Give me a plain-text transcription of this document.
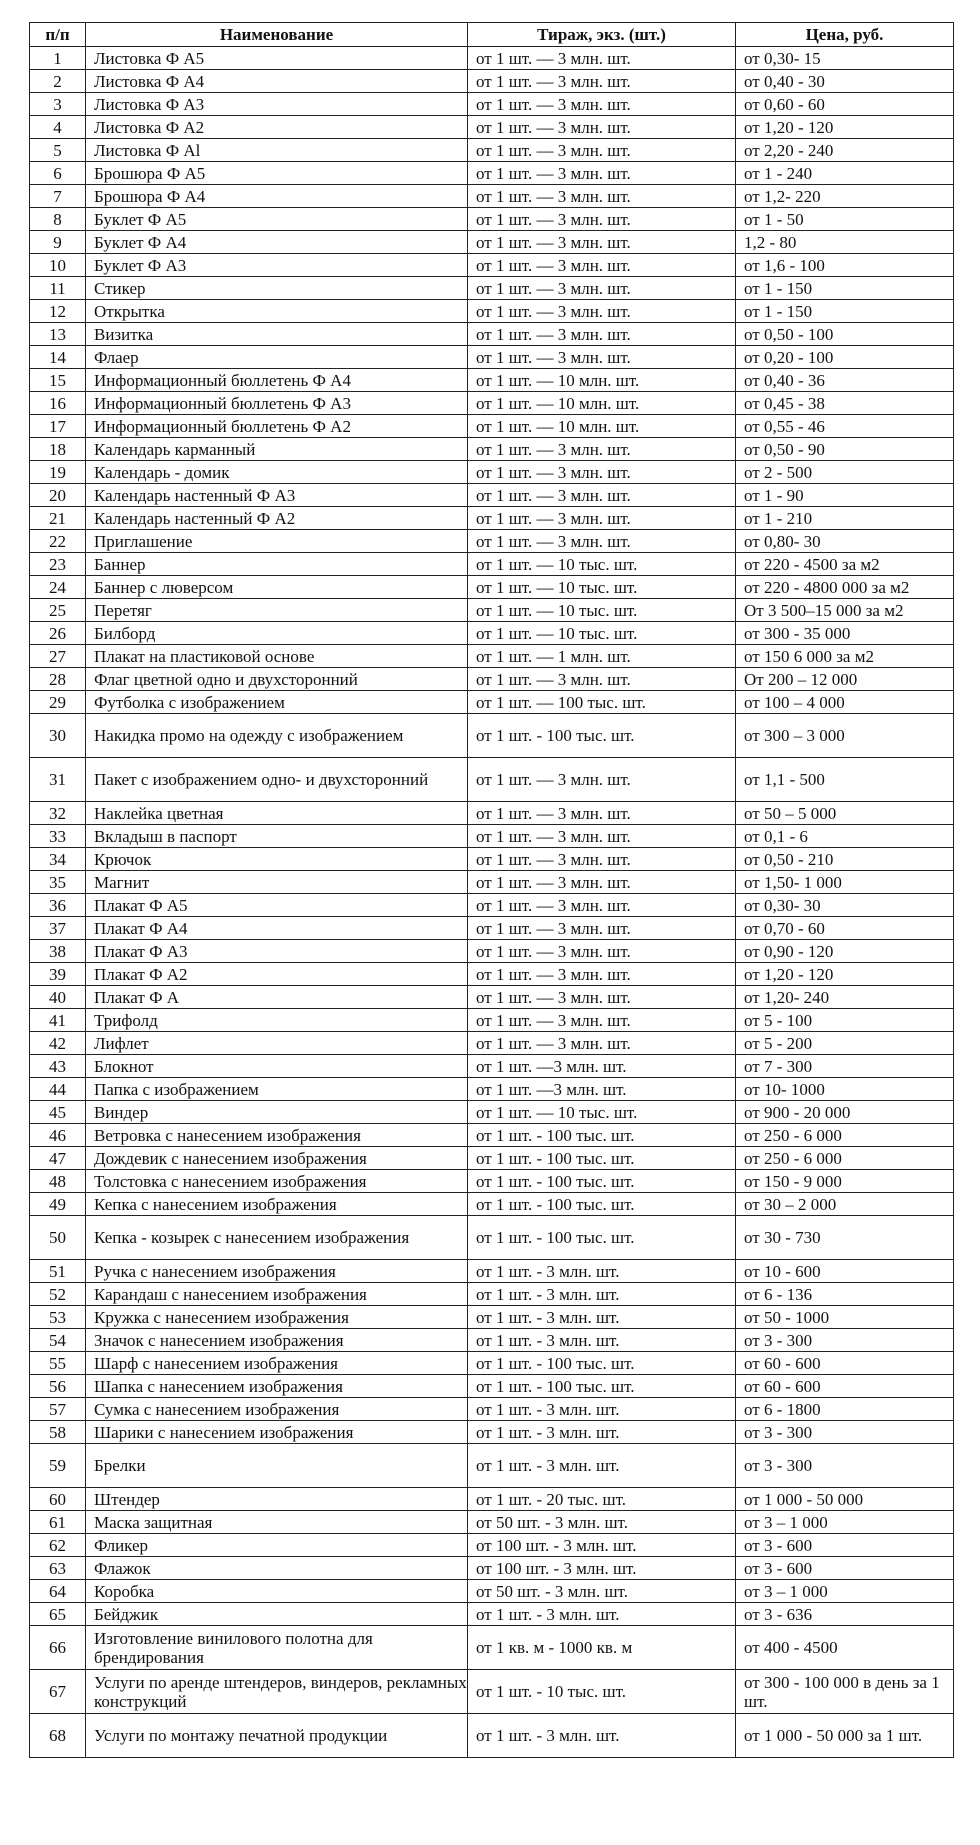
п/п	Наименование	Тираж, экз. (шт.)	Цена, руб.
1	Листовка Ф А5	от 1 шт. — 3 млн. шт.	от 0,30- 15
2	Листовка Ф А4	от 1 шт. — 3 млн. шт.	от 0,40 - 30
3	Листовка Ф А3	от 1 шт. — 3 млн. шт.	от 0,60 - 60
4	Листовка Ф А2	от 1 шт. — 3 млн. шт.	от 1,20 - 120
5	Листовка Ф Al	от 1 шт. — 3 млн. шт.	от 2,20 - 240
6	Брошюра Ф А5	от 1 шт. — 3 млн. шт.	от 1 - 240
7	Брошюра Ф А4	от 1 шт. — 3 млн. шт.	от 1,2- 220
8	Буклет Ф А5	от 1 шт. — 3 млн. шт.	от 1 - 50
9	Буклет Ф А4	от 1 шт. — 3 млн. шт.	1,2 - 80
10	Буклет Ф А3	от 1 шт. — 3 млн. шт.	от 1,6 - 100
11	Стикер	от 1 шт. — 3 млн. шт.	от 1 - 150
12	Открытка	от 1 шт. — 3 млн. шт.	от 1 - 150
13	Визитка	от 1 шт. — 3 млн. шт.	от 0,50 - 100
14	Флаер	от 1 шт. — 3 млн. шт.	от 0,20 - 100
15	Информационный бюллетень Ф А4	от 1 шт. — 10 млн. шт.	от 0,40 - 36
16	Информационный бюллетень Ф А3	от 1 шт. — 10 млн. шт.	от 0,45 - 38
17	Информационный бюллетень Ф А2	от 1 шт. — 10 млн. шт.	от 0,55 - 46
18	Календарь карманный	от 1 шт. — 3 млн. шт.	от 0,50 - 90
19	Календарь - домик	от 1 шт. — 3 млн. шт.	от 2 - 500
20	Календарь настенный Ф А3	от 1 шт. — 3 млн. шт.	от 1 - 90
21	Календарь настенный Ф А2	от 1 шт. — 3 млн. шт.	от 1 - 210
22	Приглашение	от 1 шт. — 3 млн. шт.	от 0,80- 30
23	Баннер	от 1 шт. — 10 тыс. шт.	от 220 - 4500 за м2
24	Баннер с люверсом	от 1 шт. — 10 тыс. шт.	от 220 - 4800 000 за м2
25	Перетяг	от 1 шт. — 10 тыс. шт.	От 3 500–15 000 за м2
26	Билборд	от 1 шт. — 10 тыс. шт.	от 300 - 35 000
27	Плакат на пластиковой основе	от 1 шт. — 1 млн. шт.	от 150 6 000 за м2
28	Флаг цветной одно и двухсторонний	от 1 шт. — 3 млн. шт.	От 200 – 12 000
29	Футболка с изображением	от 1 шт. — 100 тыс. шт.	от 100 – 4 000
30	Накидка промо на одежду с изображением	от 1 шт. - 100 тыс. шт.	от 300 – 3 000
31	Пакет с изображением одно- и двухсторонний	от 1 шт. — 3 млн. шт.	от 1,1 - 500
32	Наклейка цветная	от 1 шт. — 3 млн. шт.	от 50 – 5 000
33	Вкладыш в паспорт	от 1 шт. — 3 млн. шт.	от 0,1 - 6
34	Крючок	от 1 шт. — 3 млн. шт.	от 0,50 - 210
35	Магнит	от 1 шт. — 3 млн. шт.	от 1,50- 1 000
36	Плакат Ф А5	от 1 шт. — 3 млн. шт.	от 0,30- 30
37	Плакат Ф А4	от 1 шт. — 3 млн. шт.	от 0,70 - 60
38	Плакат Ф А3	от 1 шт. — 3 млн. шт.	от 0,90 - 120
39	Плакат Ф А2	от 1 шт. — 3 млн. шт.	от 1,20 - 120
40	Плакат Ф А	от 1 шт. — 3 млн. шт.	от 1,20- 240
41	Трифолд	от 1 шт. — 3 млн. шт.	от 5 - 100
42	Лифлет	от 1 шт. — 3 млн. шт.	от 5 - 200
43	Блокнот	от 1 шт. —3 млн. шт.	от 7 - 300
44	Папка с изображением	от 1 шт. —3 млн. шт.	от 10- 1000
45	Виндер	от 1 шт. — 10 тыс. шт.	от 900 - 20 000
46	Ветровка с нанесением изображения	от 1 шт. - 100 тыс. шт.	от 250 - 6 000
47	Дождевик с нанесением изображения	от 1 шт. - 100 тыс. шт.	от 250 - 6 000
48	Толстовка с нанесением изображения	от 1 шт. - 100 тыс. шт.	от 150 - 9 000
49	Кепка с нанесением изображения	от 1 шт. - 100 тыс. шт.	от 30 – 2 000
50	Кепка - козырек с нанесением изображения	от 1 шт. - 100 тыс. шт.	от 30 - 730
51	Ручка с нанесением изображения	от 1 шт. - 3 млн. шт.	от 10 - 600
52	Карандаш с нанесением изображения	от 1 шт. - 3 млн. шт.	от 6 - 136
53	Кружка с нанесением изображения	от 1 шт. - 3 млн. шт.	от 50 - 1000
54	Значок с нанесением изображения	от 1 шт. - 3 млн. шт.	от 3 - 300
55	Шарф с нанесением изображения	от 1 шт. - 100 тыс. шт.	от 60 - 600
56	Шапка с нанесением изображения	от 1 шт. - 100 тыс. шт.	от 60 - 600
57	Сумка с нанесением изображения	от 1 шт. - 3 млн. шт.	от 6 - 1800
58	Шарики с нанесением изображения	от 1 шт. - 3 млн. шт.	от 3 - 300
59	Брелки	от 1 шт. - 3 млн. шт.	от 3 - 300
60	Штендер	от 1 шт. - 20 тыс. шт.	от 1 000 - 50 000
61	Маска защитная	от 50 шт. - 3 млн. шт.	от 3 – 1 000
62	Фликер	от 100 шт. - 3 млн. шт.	от 3 - 600
63	Флажок	от 100 шт. - 3 млн. шт.	от 3 - 600
64	Коробка	от 50 шт. - 3 млн. шт.	от 3 – 1 000
65	Бейджик	от 1 шт. - 3 млн. шт.	от 3 - 636
66	Изготовление винилового полотна для брендирования	от 1 кв. м - 1000 кв. м	от 400 - 4500
67	Услуги по аренде штендеров, виндеров, рекламных конструкций	от 1 шт. - 10 тыс. шт.	от 300 - 100 000 в день за 1 шт.
68	Услуги по монтажу печатной продукции	от 1 шт. - 3 млн. шт.	от 1 000 - 50 000 за 1 шт.
